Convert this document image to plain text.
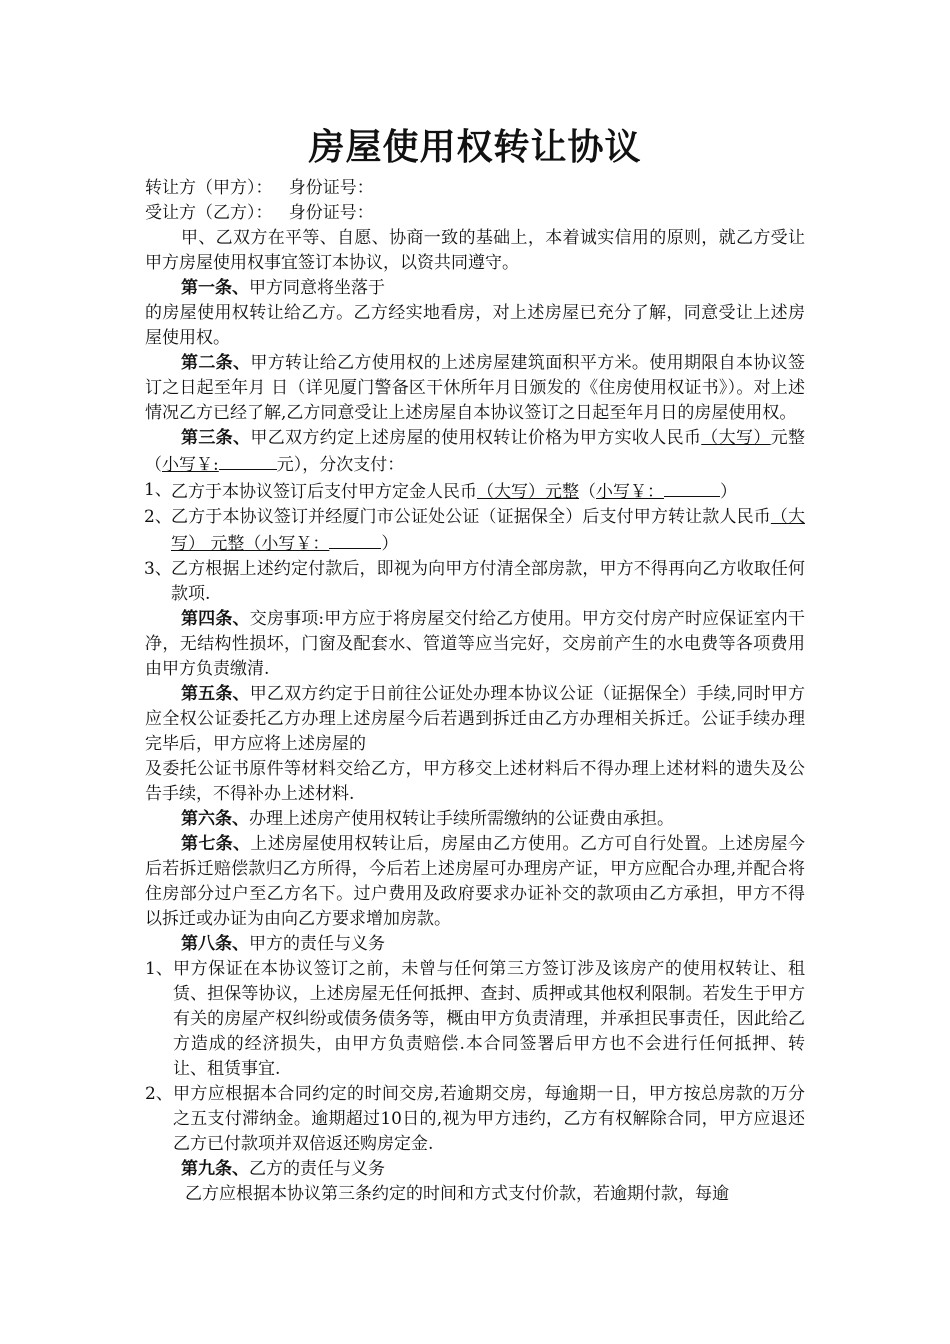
房屋使用权转让协议

转让方（甲方）：   身份证号：

受让方（乙方）：   身份证号：

甲、乙双方在平等、自愿、协商一致的基础上，本着诚实信用的原则，就乙方受让甲方房屋使用权事宜签订本协议，以资共同遵守。

第一条、甲方同意将坐落于

的房屋使用权转让给乙方。乙方经实地看房，对上述房屋已充分了解，同意受让上述房屋使用权。

第二条、甲方转让给乙方使用权的上述房屋建筑面积平方米。使用期限自本协议签订之日起至年月 日（详见厦门警备区干休所年月日颁发的《住房使用权证书》）。对上述情况乙方已经了解,乙方同意受让上述房屋自本协议签订之日起至年月日的房屋使用权。

第三条、甲乙双方约定上述房屋的使用权转让价格为甲方实收人民币（大写）元整（小写￥:	元），分次支付：

1、 乙方于本协议签订后支付甲方定金人民币（大写）元整（小写￥：	）
2、 乙方于本协议签订并经厦门市公证处公证（证据保全）后支付甲方转让款人民币（大写） 元整（小写￥：	）
3、 乙方根据上述约定付款后，即视为向甲方付清全部房款，甲方不得再向乙方收取任何款项.

第四条、交房事项:甲方应于将房屋交付给乙方使用。甲方交付房产时应保证室内干净，无结构性损坏，门窗及配套水、管道等应当完好，交房前产生的水电费等各项费用由甲方负责缴清.

第五条、甲乙双方约定于日前往公证处办理本协议公证（证据保全）手续,同时甲方应全权公证委托乙方办理上述房屋今后若遇到拆迁由乙方办理相关拆迁。公证手续办理完毕后，甲方应将上述房屋的

及委托公证书原件等材料交给乙方，甲方移交上述材料后不得办理上述材料的遗失及公告手续，不得补办上述材料.

第六条、办理上述房产使用权转让手续所需缴纳的公证费由承担。

第七条、上述房屋使用权转让后，房屋由乙方使用。乙方可自行处置。上述房屋今后若拆迁赔偿款归乙方所得，今后若上述房屋可办理房产证，甲方应配合办理,并配合将住房部分过户至乙方名下。过户费用及政府要求办证补交的款项由乙方承担，甲方不得以拆迁或办证为由向乙方要求增加房款。

第八条、甲方的责任与义务

1、 甲方保证在本协议签订之前，未曾与任何第三方签订涉及该房产的使用权转让、租赁、担保等协议，上述房屋无任何抵押、查封、质押或其他权利限制。若发生于甲方有关的房屋产权纠纷或债务债务等，概由甲方负责清理，并承担民事责任，因此给乙方造成的经济损失，由甲方负责赔偿.本合同签署后甲方也不会进行任何抵押、转让、租赁事宜.
2、 甲方应根据本合同约定的时间交房,若逾期交房，每逾期一日，甲方按总房款的万分之五支付滞纳金。逾期超过10日的,视为甲方违约，乙方有权解除合同，甲方应退还乙方已付款项并双倍返还购房定金.

第九条、乙方的责任与义务

乙方应根据本协议第三条约定的时间和方式支付价款，若逾期付款，每逾
